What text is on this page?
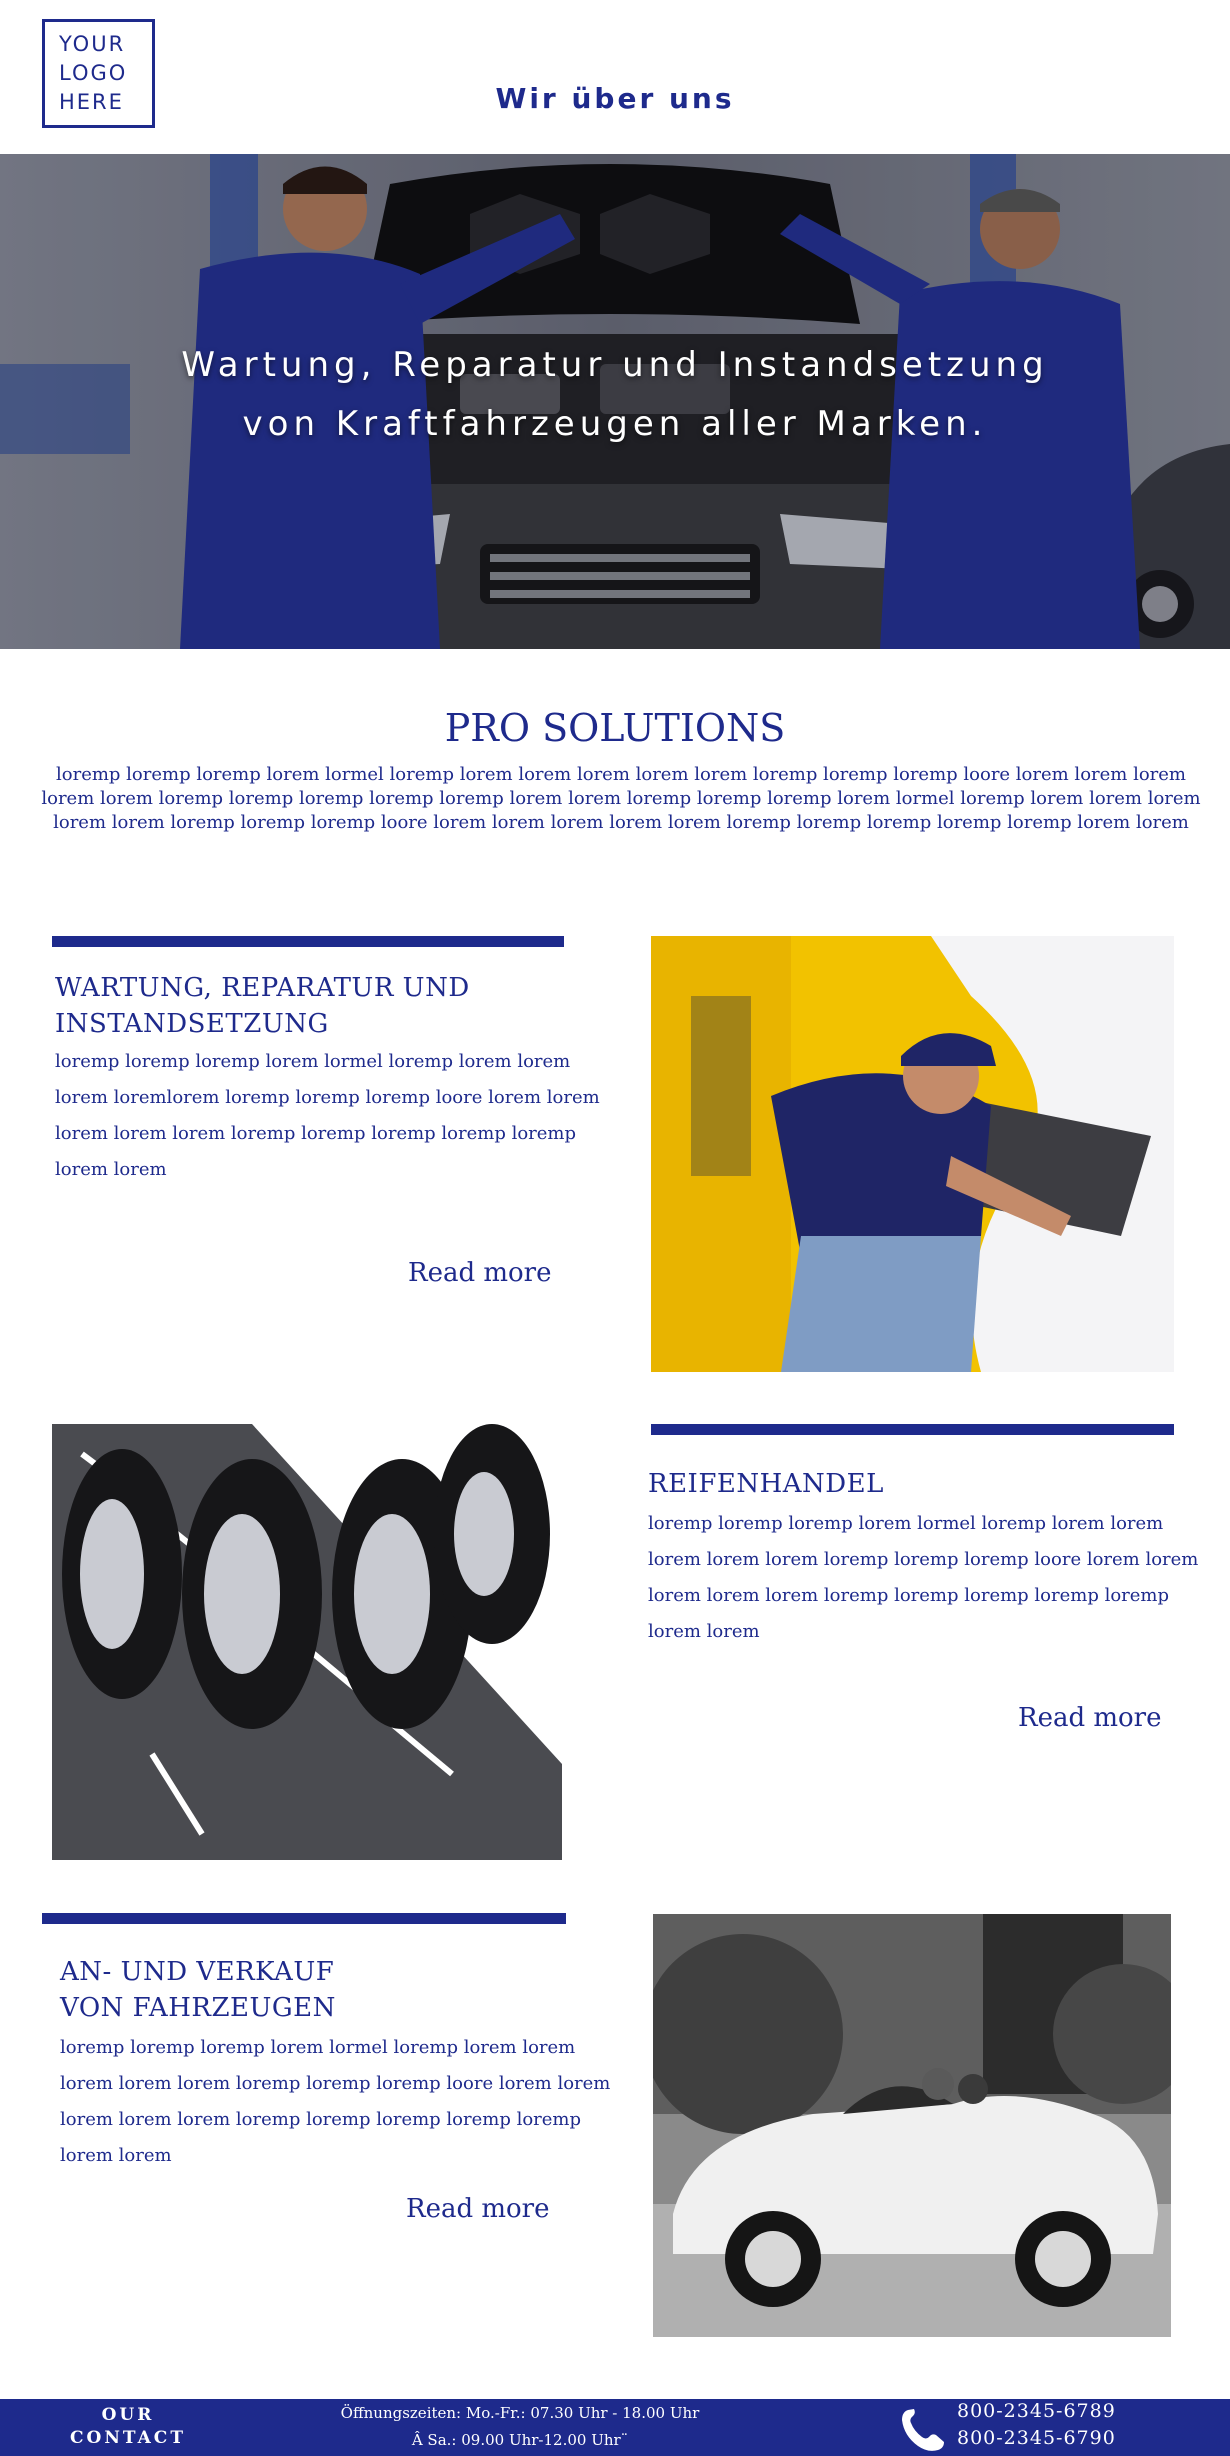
YOUR
LOGO
HERE	Wir über uns
Wartung, Reparatur und Instandsetzung
von Kraftfahrzeugen aller Marken.
PRO SOLUTIONS
loremp loremp loremp lorem lormel loremp lorem lorem lorem lorem lorem loremp loremp loremp loore lorem lorem lorem lorem lorem loremp loremp loremp loremp loremp lorem lorem loremp loremp loremp lorem lormel loremp lorem lorem lorem lorem lorem loremp loremp loremp loore lorem lorem lorem lorem lorem loremp loremp loremp loremp loremp lorem lorem
WARTUNG, REPARATUR UND
INSTANDSETZUNG
loremp loremp loremp lorem lormel loremp lorem lorem lorem loremlorem loremp loremp loremp loore lorem lorem lorem lorem lorem loremp loremp loremp loremp loremp lorem lorem
Read more
REIFENHANDEL
loremp loremp loremp lorem lormel loremp lorem lorem lorem lorem lorem loremp loremp loremp loore lorem lorem lorem lorem lorem loremp loremp loremp loremp loremp lorem lorem
Read more
AN- UND VERKAUF
VON FAHRZEUGEN
loremp loremp loremp lorem lormel loremp lorem lorem lorem lorem lorem loremp loremp loremp loore lorem lorem lorem lorem lorem loremp loremp loremp loremp loremp lorem lorem
Read more
OUR
CONTACT
Öffnungszeiten: Mo.-Fr.: 07.30 Uhr - 18.00 Uhr
Â Sa.: 09.00 Uhr-12.00 Uhr¨
800-2345-6789
800-2345-6790
